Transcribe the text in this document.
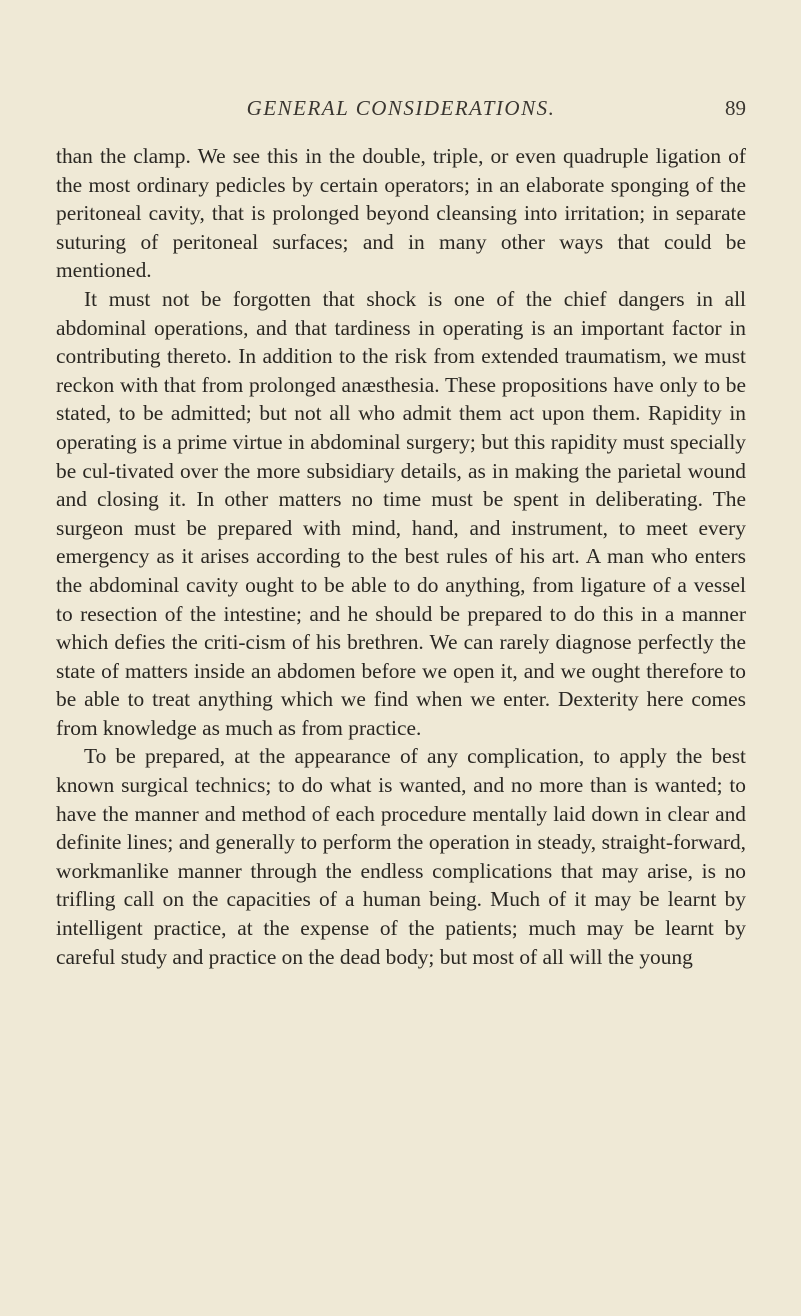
GENERAL CONSIDERATIONS.	89

than the clamp. We see this in the double, triple, or even quadruple ligation of the most ordinary pedicles by certain operators; in an elaborate sponging of the peritoneal cavity, that is prolonged beyond cleansing into irritation; in separate suturing of peritoneal surfaces; and in many other ways that could be mentioned.

It must not be forgotten that shock is one of the chief dangers in all abdominal operations, and that tardiness in operating is an important factor in contributing thereto. In addition to the risk from extended traumatism, we must reckon with that from prolonged anæsthesia. These propositions have only to be stated, to be admitted; but not all who admit them act upon them. Rapidity in operating is a prime virtue in abdominal surgery; but this rapidity must specially be cul-tivated over the more subsidiary details, as in making the parietal wound and closing it. In other matters no time must be spent in deliberating. The surgeon must be prepared with mind, hand, and instrument, to meet every emergency as it arises according to the best rules of his art. A man who enters the abdominal cavity ought to be able to do anything, from ligature of a vessel to resection of the intestine; and he should be prepared to do this in a manner which defies the criti-cism of his brethren. We can rarely diagnose perfectly the state of matters inside an abdomen before we open it, and we ought therefore to be able to treat anything which we find when we enter. Dexterity here comes from knowledge as much as from practice.

To be prepared, at the appearance of any complication, to apply the best known surgical technics; to do what is wanted, and no more than is wanted; to have the manner and method of each procedure mentally laid down in clear and definite lines; and generally to perform the operation in steady, straight-forward, workmanlike manner through the endless complications that may arise, is no trifling call on the capacities of a human being. Much of it may be learnt by intelligent practice, at the expense of the patients; much may be learnt by careful study and practice on the dead body; but most of all will the young
